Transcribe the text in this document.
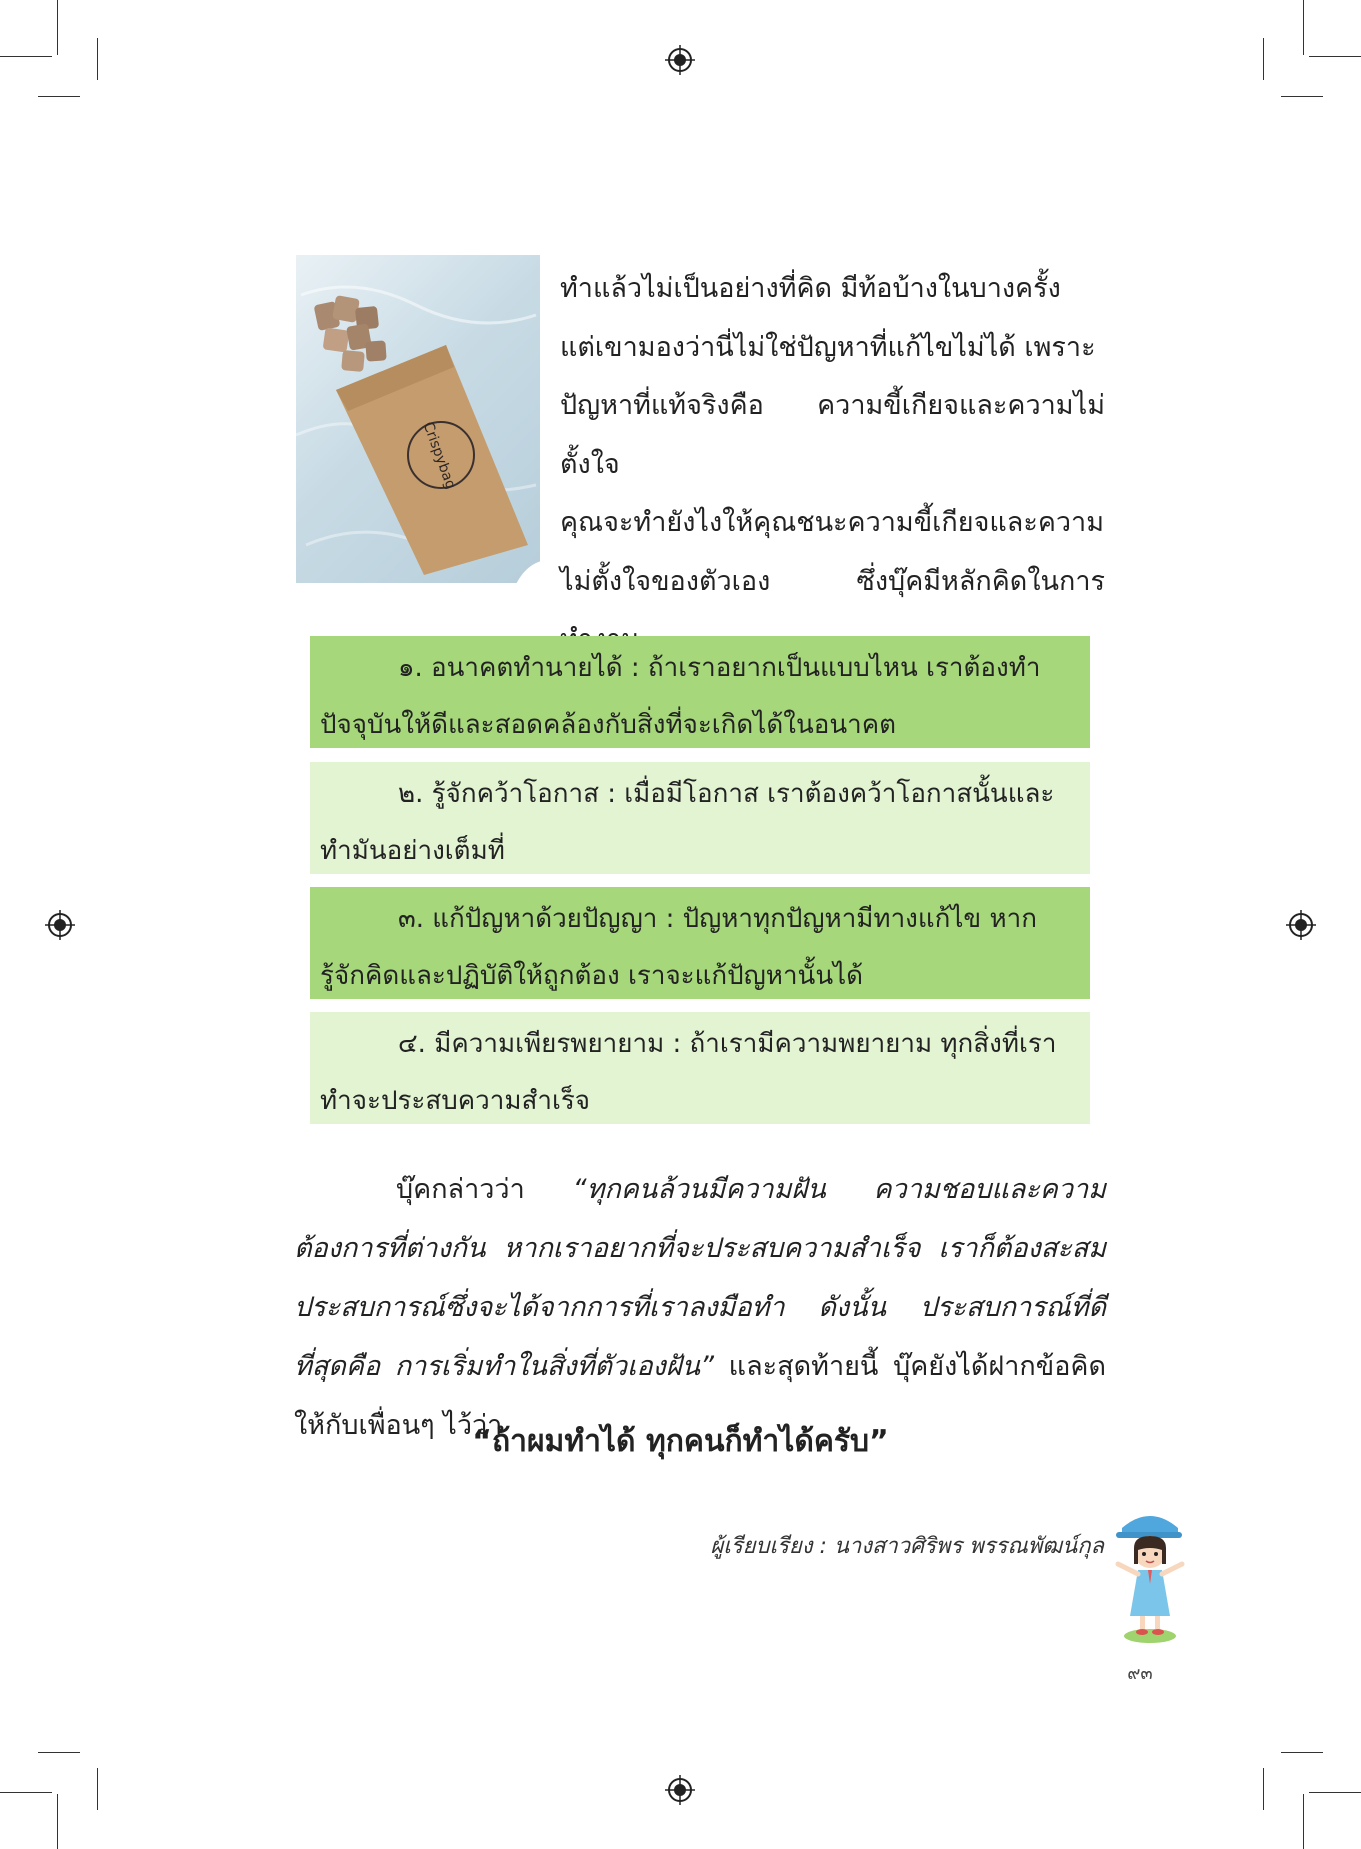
Crispybag

ทำแล้วไม่เป็นอย่างที่คิด มีท้อบ้างในบางครั้ง

แต่เขามองว่านี่ไม่ใช่ปัญหาที่แก้ไขไม่ได้ เพราะ

ปัญหาที่แท้จริงคือ ความขี้เกียจและความไม่ตั้งใจ

คุณจะทำยังไงให้คุณชนะความขี้เกียจและความ

ไม่ตั้งใจของตัวเอง ซึ่งบุ๊คมีหลักคิดในการ

๑. อนาคตทำนายได้ : ถ้าเราอยากเป็นแบบไหน เราต้องทำ
ปัจจุบันให้ดีและสอดคล้องกับสิ่งที่จะเกิดได้ในอนาคต
๒. รู้จักคว้าโอกาส : เมื่อมีโอกาส เราต้องคว้าโอกาสนั้นและ
ทำมันอย่างเต็มที่
๓. แก้ปัญหาด้วยปัญญา : ปัญหาทุกปัญหามีทางแก้ไข หาก
รู้จักคิดและปฏิบัติให้ถูกต้อง เราจะแก้ปัญหานั้นได้
๔. มีความเพียรพยายาม : ถ้าเรามีความพยายาม ทุกสิ่งที่เรา
ทำจะประสบความสำเร็จ
บุ๊คกล่าวว่า “ทุกคนล้วนมีความฝัน ความชอบและความต้องการที่ต่างกัน หากเราอยากที่จะประสบความสำเร็จ เราก็ต้องสะสมประสบการณ์ซึ่งจะได้จากการที่เราลงมือทำ ดังนั้น ประสบการณ์ที่ดีที่สุดคือ การเริ่มทำในสิ่งที่ตัวเองฝัน” และสุดท้ายนี้ บุ๊คยังได้ฝากข้อคิดให้กับเพื่อนๆ ไว้ว่า
“ถ้าผมทำได้ ทุกคนก็ทำได้ครับ”
ผู้เรียบเรียง : นางสาวศิริพร พรรณพัฒน์กุล
๙๓
